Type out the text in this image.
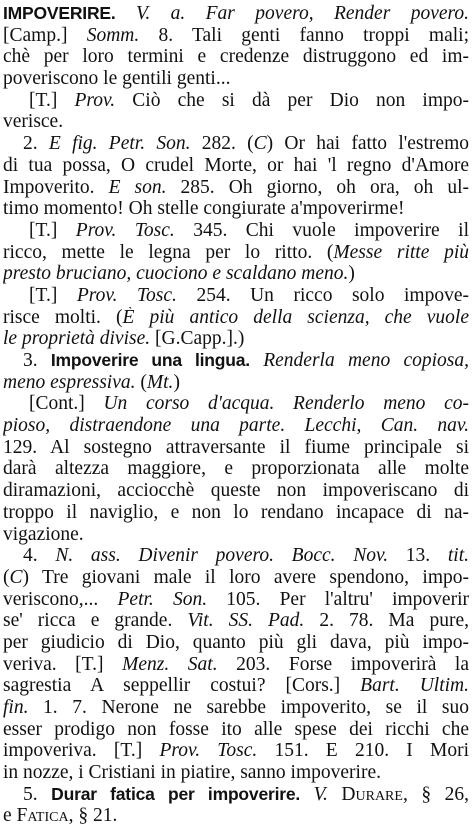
IMPOVERIRE. V. a. Far povero, Render povero.
[Camp.] Somm. 8. Tali genti fanno troppi mali;
chè per loro termini e credenze distruggono ed im-
poveriscono le gentili genti...
[T.] Prov. Ciò che si dà per Dio non impo-
verisce.
2. E fig. Petr. Son. 282. (C) Or hai fatto l'estremo
di tua possa, O crudel Morte, or hai 'l regno d'Amore
Impoverito. E son. 285. Oh giorno, oh ora, oh ul-
timo momento! Oh stelle congiurate a'mpoverirme!
[T.] Prov. Tosc. 345. Chi vuole impoverire il
ricco, mette le legna per lo ritto. (Messe ritte più
presto bruciano, cuociono e scaldano meno.)
[T.] Prov. Tosc. 254. Un ricco solo impove-
risce molti. (È più antico della scienza, che vuole
le proprietà divise. [G.Capp.].)
3. Impoverire una lingua. Renderla meno copiosa,
meno espressiva. (Mt.)
[Cont.] Un corso d'acqua. Renderlo meno co-
pioso, distraendone una parte. Lecchi, Can. nav.
129. Al sostegno attraversante il fiume principale si
darà altezza maggiore, e proporzionata alle molte
diramazioni, acciocchè queste non impoveriscano di
troppo il naviglio, e non lo rendano incapace di na-
vigazione.
4. N. ass. Divenir povero. Bocc. Nov. 13. tit.
(C) Tre giovani male il loro avere spendono, impo-
veriscono,... Petr. Son. 105. Per l'altru' impoverir
se' ricca e grande. Vit. SS. Pad. 2. 78. Ma pure,
per giudicio di Dio, quanto più gli dava, più impo-
veriva. [T.] Menz. Sat. 203. Forse impoverirà la
sagrestia A seppellir costui? [Cors.] Bart. Ultim.
fin. 1. 7. Nerone ne sarebbe impoverito, se il suo
esser prodigo non fosse ito alle spese dei ricchi che
impoveriva. [T.] Prov. Tosc. 151. E 210. I Mori
in nozze, i Cristiani in piatire, sanno impoverire.
5. Durar fatica per impoverire. V. Durare, § 26,
e Fatica, § 21.
